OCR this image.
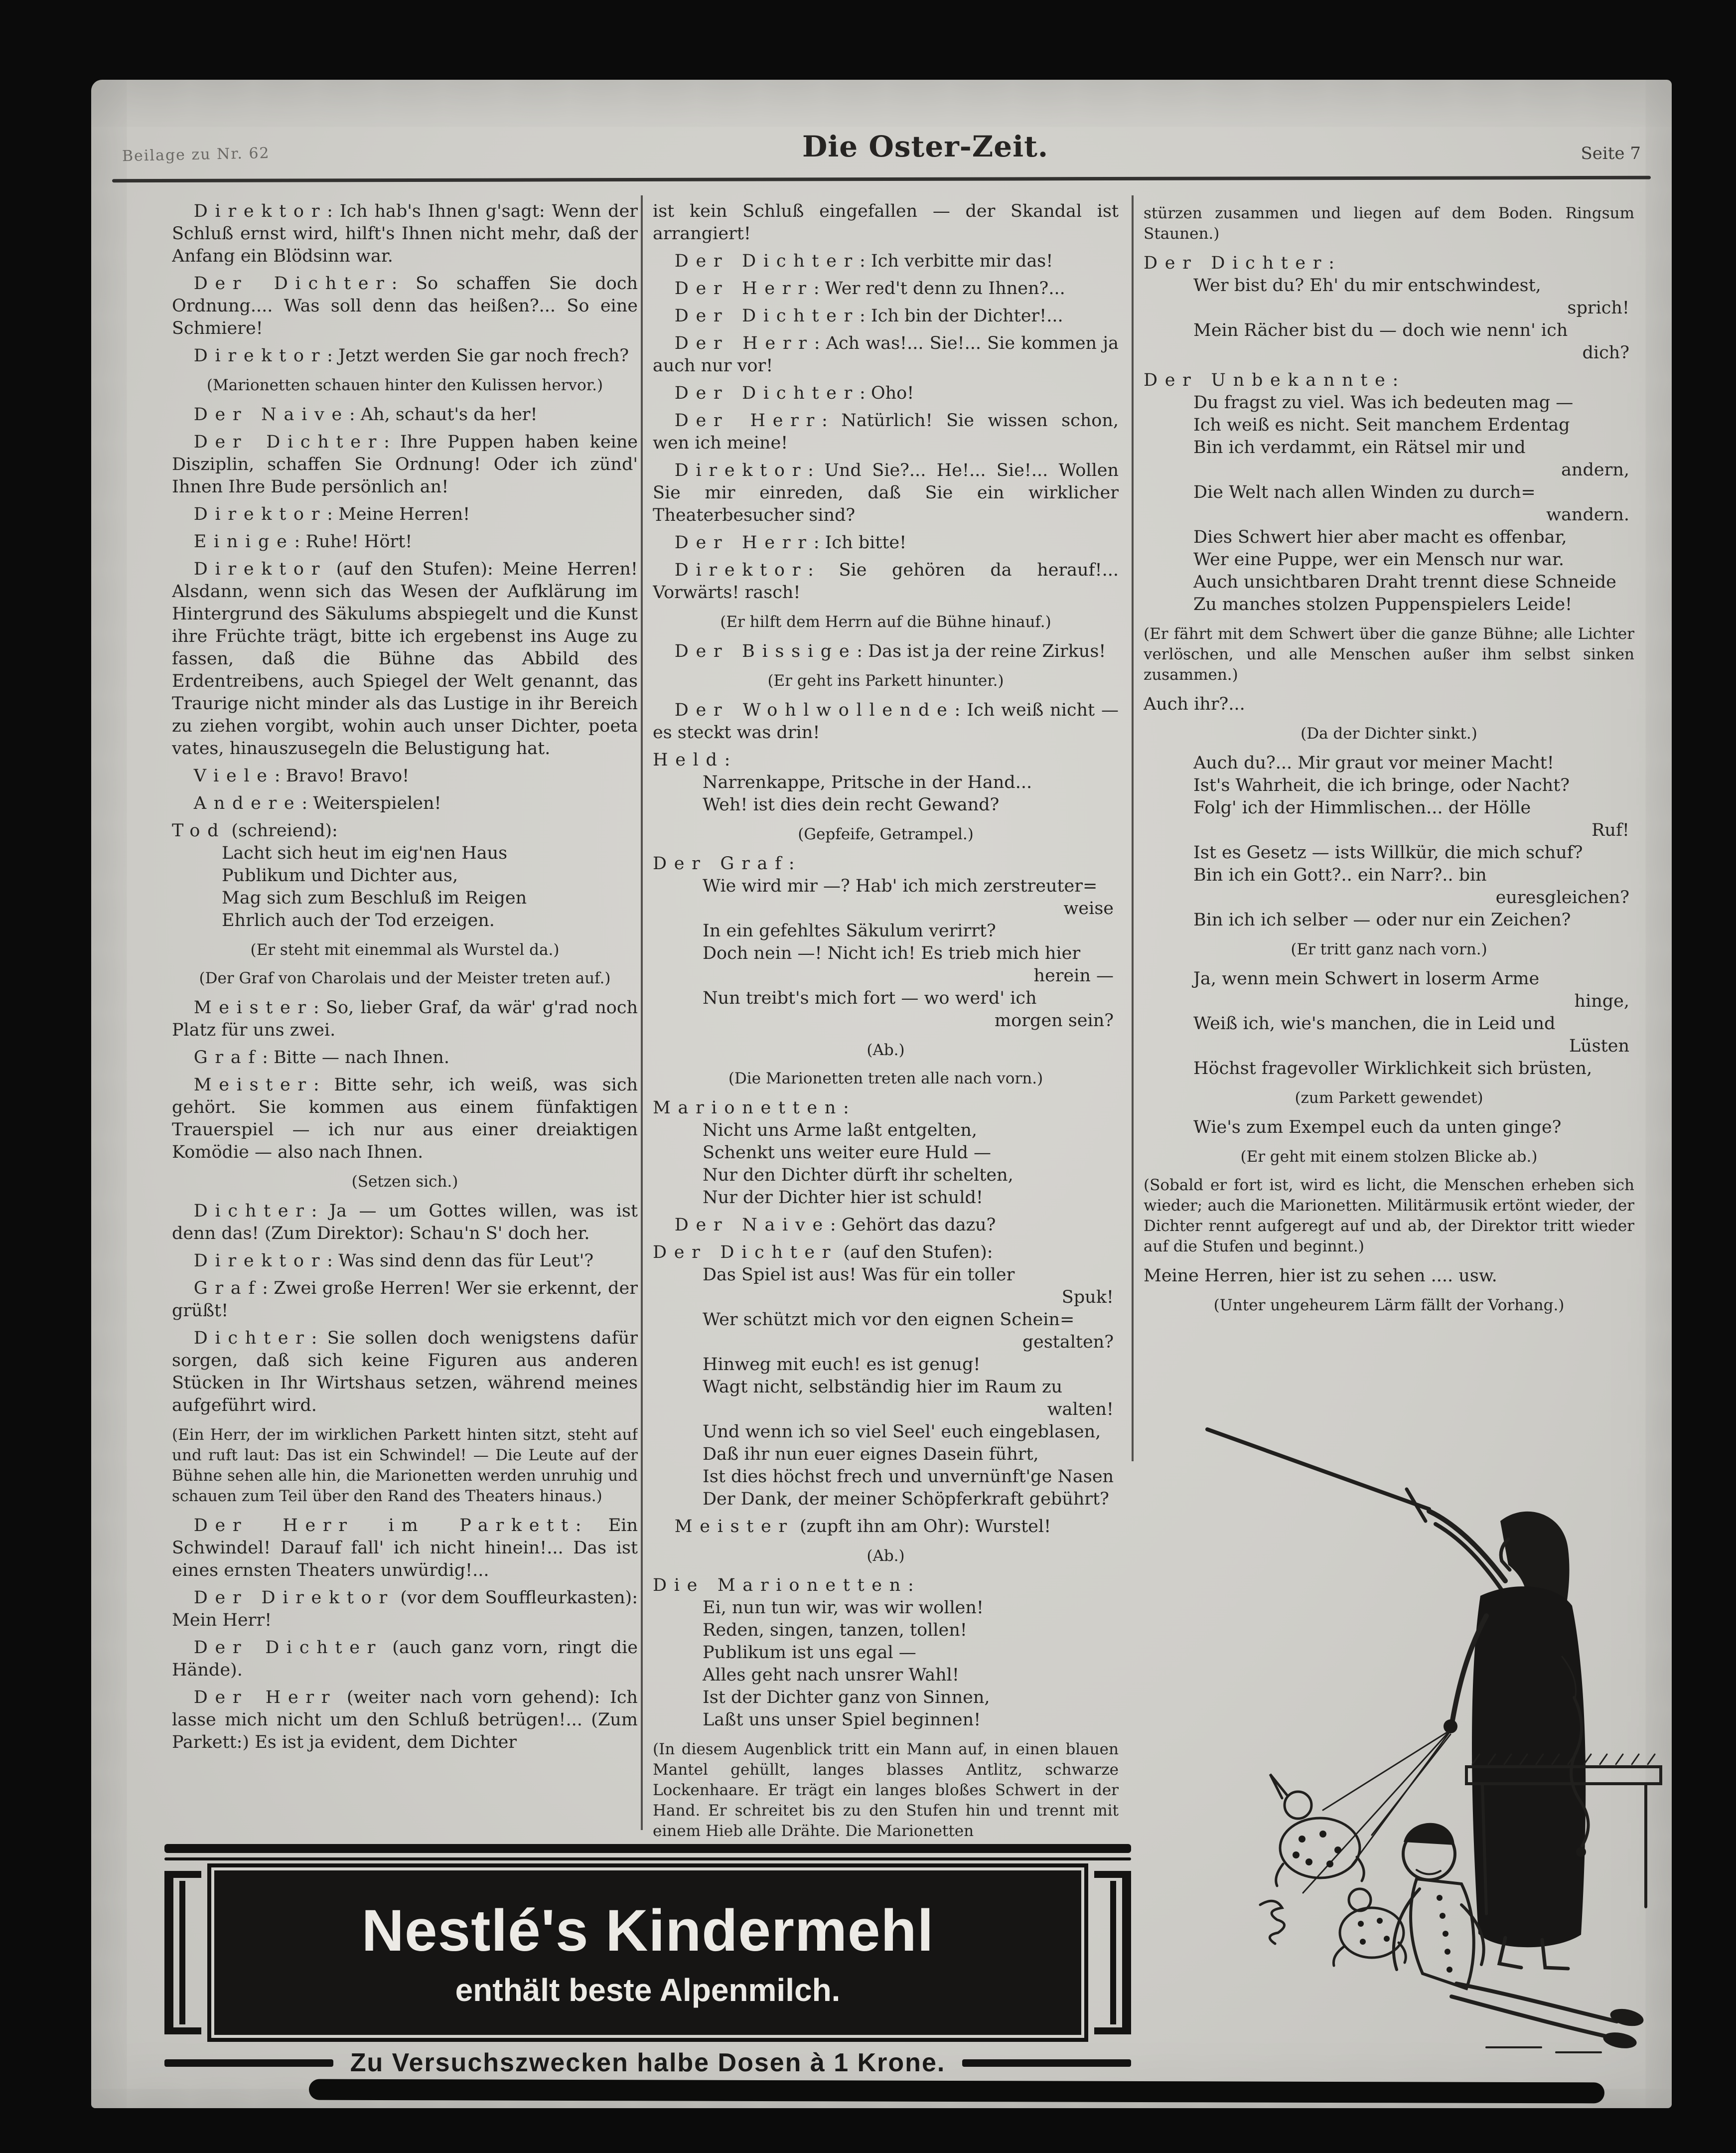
Beilage zu Nr. 62	Die Oster-Zeit.	Seite 7
Direktor: Ich hab's Ihnen g'sagt: Wenn der Schluß ernst wird, hilft's Ihnen nicht mehr, daß der Anfang ein Blödsinn war.
Der Dichter: So schaffen Sie doch Ordnung.... Was soll denn das heißen?... So eine Schmiere!
Direktor: Jetzt werden Sie gar noch frech?
(Marionetten schauen hinter den Kulissen hervor.)
Der Naive: Ah, schaut's da her!
Der Dichter: Ihre Puppen haben keine Disziplin, schaffen Sie Ordnung! Oder ich zünd' Ihnen Ihre Bude persönlich an!
Direktor: Meine Herren!
Einige: Ruhe! Hört!
Direktor (auf den Stufen): Meine Herren! Alsdann, wenn sich das Wesen der Aufklärung im Hintergrund des Säkulums abspiegelt und die Kunst ihre Früchte trägt, bitte ich ergebenst ins Auge zu fassen, daß die Bühne das Abbild des Erdentreibens, auch Spiegel der Welt genannt, das Traurige nicht minder als das Lustige in ihr Bereich zu ziehen vorgibt, wohin auch unser Dichter, poeta vates, hinauszusegeln die Belustigung hat.
Viele: Bravo! Bravo!
Andere: Weiterspielen!
Tod (schreiend):
Lacht sich heut im eig'nen Haus
Publikum und Dichter aus,
Mag sich zum Beschluß im Reigen
Ehrlich auch der Tod erzeigen.
(Er steht mit einemmal als Wurstel da.)
(Der Graf von Charolais und der Meister treten auf.)
Meister: So, lieber Graf, da wär' g'rad noch Platz für uns zwei.
Graf: Bitte — nach Ihnen.
Meister: Bitte sehr, ich weiß, was sich gehört. Sie kommen aus einem fünfaktigen Trauerspiel — ich nur aus einer dreiaktigen Komödie — also nach Ihnen.
(Setzen sich.)
Dichter: Ja — um Gottes willen, was ist denn das! (Zum Direktor): Schau'n S' doch her.
Direktor: Was sind denn das für Leut'?
Graf: Zwei große Herren! Wer sie erkennt, der grüßt!
Dichter: Sie sollen doch wenigstens dafür sorgen, daß sich keine Figuren aus anderen Stücken in Ihr Wirtshaus setzen, während meines aufgeführt wird.
(Ein Herr, der im wirklichen Parkett hinten sitzt, steht auf und ruft laut: Das ist ein Schwindel! — Die Leute auf der Bühne sehen alle hin, die Marionetten werden unruhig und schauen zum Teil über den Rand des Theaters hinaus.)
Der Herr im Parkett: Ein Schwindel! Darauf fall' ich nicht hinein!... Das ist eines ernsten Theaters unwürdig!...
Der Direktor (vor dem Souffleurkasten): Mein Herr!
Der Dichter (auch ganz vorn, ringt die Hände).
Der Herr (weiter nach vorn gehend): Ich lasse mich nicht um den Schluß betrügen!... (Zum Parkett:) Es ist ja evident, dem Dichter
ist kein Schluß eingefallen — der Skandal ist arrangiert!
Der Dichter: Ich verbitte mir das!
Der Herr: Wer red't denn zu Ihnen?...
Der Dichter: Ich bin der Dichter!...
Der Herr: Ach was!... Sie!... Sie kommen ja auch nur vor!
Der Dichter: Oho!
Der Herr: Natürlich! Sie wissen schon, wen ich meine!
Direktor: Und Sie?... He!... Sie!... Wollen Sie mir einreden, daß Sie ein wirklicher Theaterbesucher sind?
Der Herr: Ich bitte!
Direktor: Sie gehören da herauf!... Vorwärts! rasch!
(Er hilft dem Herrn auf die Bühne hinauf.)
Der Bissige: Das ist ja der reine Zirkus!
(Er geht ins Parkett hinunter.)
Der Wohlwollende: Ich weiß nicht — es steckt was drin!
Held:
Narrenkappe, Pritsche in der Hand...
Weh! ist dies dein recht Gewand?
(Gepfeife, Getrampel.)
Der Graf:
Wie wird mir —? Hab' ich mich zerstreuter=
weise
In ein gefehltes Säkulum verirrt?
Doch nein —! Nicht ich! Es trieb mich hier
herein —
Nun treibt's mich fort — wo werd' ich
morgen sein?
(Ab.)
(Die Marionetten treten alle nach vorn.)
Marionetten:
Nicht uns Arme laßt entgelten,
Schenkt uns weiter eure Huld —
Nur den Dichter dürft ihr schelten,
Nur der Dichter hier ist schuld!
Der Naive: Gehört das dazu?
Der Dichter (auf den Stufen):
Das Spiel ist aus! Was für ein toller
Spuk!
Wer schützt mich vor den eignen Schein=
gestalten?
Hinweg mit euch! es ist genug!
Wagt nicht, selbständig hier im Raum zu
walten!
Und wenn ich so viel Seel' euch eingeblasen,
Daß ihr nun euer eignes Dasein führt,
Ist dies höchst frech und unvernünft'ge Nasen
Der Dank, der meiner Schöpferkraft gebührt?
Meister (zupft ihn am Ohr): Wurstel!
(Ab.)
Die Marionetten:
Ei, nun tun wir, was wir wollen!
Reden, singen, tanzen, tollen!
Publikum ist uns egal —
Alles geht nach unsrer Wahl!
Ist der Dichter ganz von Sinnen,
Laßt uns unser Spiel beginnen!
(In diesem Augenblick tritt ein Mann auf, in einen blauen Mantel gehüllt, langes blasses Antlitz, schwarze Lockenhaare. Er trägt ein langes bloßes Schwert in der Hand. Er schreitet bis zu den Stufen hin und trennt mit einem Hieb alle Drähte. Die Marionetten
stürzen zusammen und liegen auf dem Boden. Ringsum Staunen.)
Der Dichter:
Wer bist du? Eh' du mir entschwindest,
sprich!
Mein Rächer bist du — doch wie nenn' ich
dich?
Der Unbekannte:
Du fragst zu viel. Was ich bedeuten mag —
Ich weiß es nicht. Seit manchem Erdentag
Bin ich verdammt, ein Rätsel mir und
andern,
Die Welt nach allen Winden zu durch=
wandern.
Dies Schwert hier aber macht es offenbar,
Wer eine Puppe, wer ein Mensch nur war.
Auch unsichtbaren Draht trennt diese Schneide
Zu manches stolzen Puppenspielers Leide!
(Er fährt mit dem Schwert über die ganze Bühne; alle Lichter verlöschen, und alle Menschen außer ihm selbst sinken zusammen.)
Auch ihr?...
(Da der Dichter sinkt.)
Auch du?... Mir graut vor meiner Macht!
Ist's Wahrheit, die ich bringe, oder Nacht?
Folg' ich der Himmlischen... der Hölle
Ruf!
Ist es Gesetz — ists Willkür, die mich schuf?
Bin ich ein Gott?.. ein Narr?.. bin
euresgleichen?
Bin ich ich selber — oder nur ein Zeichen?
(Er tritt ganz nach vorn.)
Ja, wenn mein Schwert in loserm Arme
hinge,
Weiß ich, wie's manchen, die in Leid und
Lüsten
Höchst fragevoller Wirklichkeit sich brüsten,
(zum Parkett gewendet)
Wie's zum Exempel euch da unten ginge?
(Er geht mit einem stolzen Blicke ab.)
(Sobald er fort ist, wird es licht, die Menschen erheben sich wieder; auch die Marionetten. Militärmusik ertönt wieder, der Dichter rennt aufgeregt auf und ab, der Direktor tritt wieder auf die Stufen und beginnt.)
Meine Herren, hier ist zu sehen .... usw.
(Unter ungeheurem Lärm fällt der Vorhang.)
Nestlé's Kindermehl
enthält beste Alpenmilch.
Zu Versuchszwecken halbe Dosen à 1 Krone.
